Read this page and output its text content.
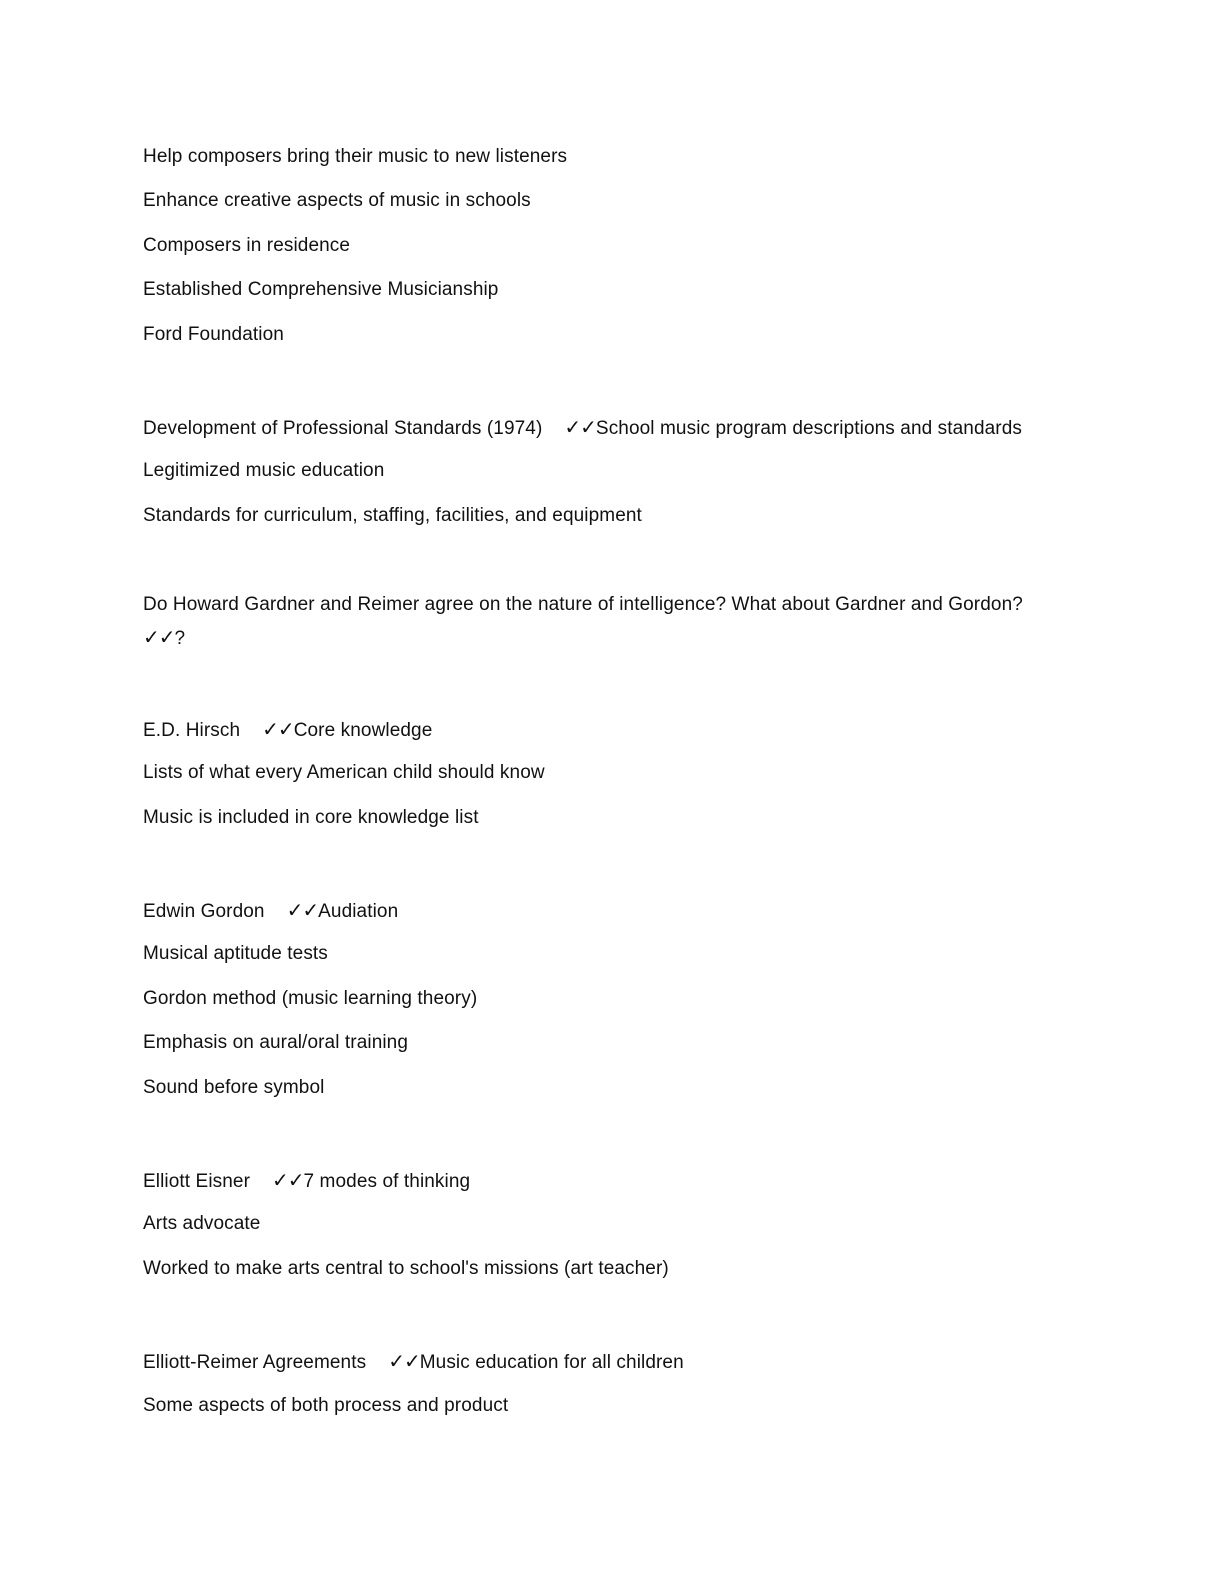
Help composers bring their music to new listeners
Enhance creative aspects of music in schools
Composers in residence
Established Comprehensive Musicianship
Ford Foundation
Development of Professional Standards (1974) ✓✓School music program descriptions and standards
Legitimized music education
Standards for curriculum, staffing, facilities, and equipment
Do Howard Gardner and Reimer agree on the nature of intelligence? What about Gardner and Gordon?
✓✓?
E.D. Hirsch ✓✓Core knowledge
Lists of what every American child should know
Music is included in core knowledge list
Edwin Gordon ✓✓Audiation
Musical aptitude tests
Gordon method (music learning theory)
Emphasis on aural/oral training
Sound before symbol
Elliott Eisner ✓✓7 modes of thinking
Arts advocate
Worked to make arts central to school's missions (art teacher)
Elliott-Reimer Agreements ✓✓Music education for all children
Some aspects of both process and product
